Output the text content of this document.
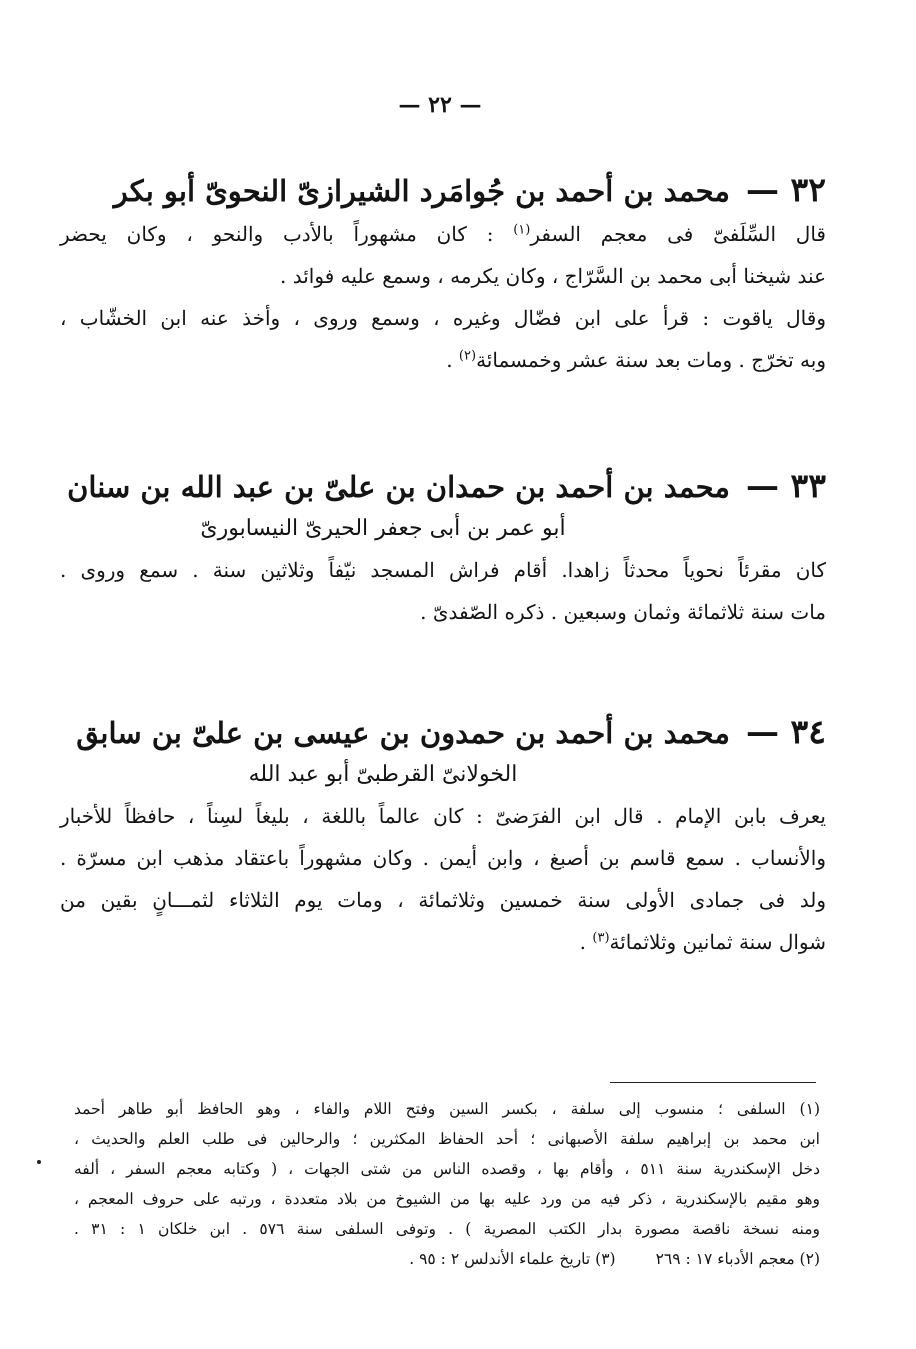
— ٢٢ —
٣٢ — محمد بن أحمد بن جُوامَرد الشيرازىّ النحوىّ أبو بكر
قال السِّلَفىّ فى معجم السفر$^{(١)}$ : كان مشهوراً بالأدب والنحو ، وكان يحضر
عند شيخنا أبى محمد بن السَّرّاج ، وكان يكرمه ، وسمع عليه فوائد .
وقال ياقوت : قرأ على ابن فضّال وغيره ، وسمع وروى ، وأخذ عنه ابن الخشّاب ،
وبه تخرّج . ومات بعد سنة عشر وخمسمائة$^{(٢)}$ .
٣٣ — محمد بن أحمد بن حمدان بن علىّ بن عبد الله بن سنان
أبو عمر بن أبى جعفر الحيرىّ النيسابورىّ
كان مقرئاً نحوياً محدثاً زاهدا. أقام فراش المسجد نيّفاً وثلاثين سنة . سمع وروى .
مات سنة ثلاثمائة وثمان وسبعين . ذكره الصّفدىّ .
٣٤ — محمد بن أحمد بن حمدون بن عيسى بن علىّ بن سابق
الخولانىّ القرطبىّ أبو عبد الله
يعرف بابن الإمام . قال ابن الفرَضىّ : كان عالماً باللغة ، بليغاً لسِناً ، حافظاً للأخبار
والأنساب . سمع قاسم بن أصبغ ، وابن أيمن . وكان مشهوراً باعتقاد مذهب ابن مسرّة .
ولد فى جمادى الأولى سنة خمسين وثلاثمائة ، ومات يوم الثلاثاء لثمـــانٍ بقين من
شوال سنة ثمانين وثلاثمائة$^{(٣)}$ .
(١) السلفى ؛ منسوب إلى سلفة ، بكسر السين وفتح اللام والفاء ، وهو الحافظ أبو طاهر أحمد
ابن محمد بن إبراهيم سلفة الأصبهانى ؛ أحد الحفاظ المكثرين ؛ والرحالين فى طلب العلم والحديث ،
دخل الإسكندرية سنة ٥١١ ، وأقام بها ، وقصده الناس من شتى الجهات ، ( وكتابه معجم السفر ، ألفه
وهو مقيم بالإسكندرية ، ذكر فيه من ورد عليه بها من الشيوخ من بلاد متعددة ، ورتبه على حروف المعجم ،
ومنه نسخة ناقصة مصورة بدار الكتب المصرية ) . وتوفى السلفى سنة ٥٧٦ . ابن خلكان ١ : ٣١ .
(٢) معجم الأدباء ١٧ : ٢٦٩(٣) تاريخ علماء الأندلس ٢ : ٩٥ .
